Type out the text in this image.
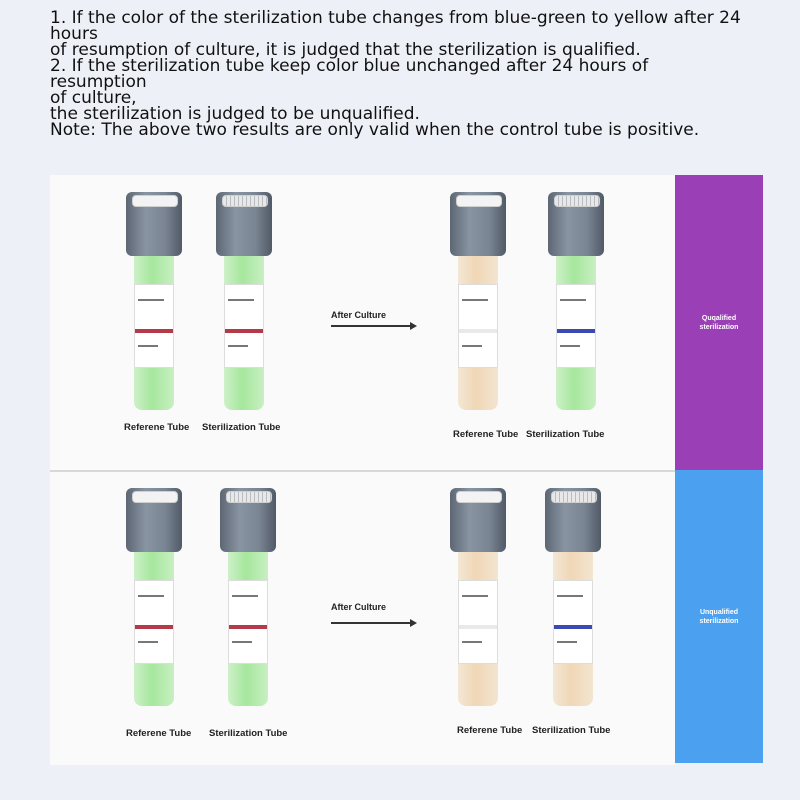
1. If the color of the sterilization tube changes from blue-green to yellow after 24

hours

of resumption of culture, it is judged that the sterilization is qualified.

2. If the sterilization tube keep color blue unchanged after 24 hours of resumption

of culture,

the sterilization is judged to be unqualified.

Note: The above two results are only valid when the control tube is positive.

Referene Tube Sterilization Tube
After Culture
Referene Tube Sterilization Tube
Quqalified
sterilization
Referene Tube Sterilization Tube
After Culture
Referene Tube Sterilization Tube
Unqualified
sterilization
